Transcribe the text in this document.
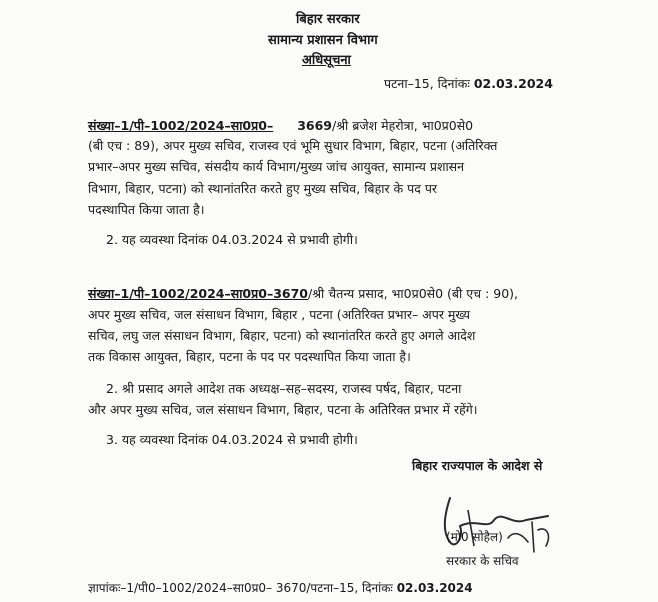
बिहार सरकार
सामान्य प्रशासन विभाग
अधिसूचना
पटना–15, दिनांकः 02.03.2024
संख्या–1/पी–1002/2024–सा0प्र0– 3669/श्री ब्रजेश मेहरोत्रा, भा0प्र0से0
(बी एच : 89), अपर मुख्य सचिव, राजस्व एवं भूमि सुधार विभाग, बिहार, पटना (अतिरिक्त
प्रभार–अपर मुख्य सचिव, संसदीय कार्य विभाग/मुख्य जांच आयुक्त, सामान्य प्रशासन
विभाग, बिहार, पटना) को स्थानांतरित करते हुए मुख्य सचिव, बिहार के पद पर
पदस्थापित किया जाता है।
2. यह व्यवस्था दिनांक 04.03.2024 से प्रभावी होगी।
संख्या–1/पी–1002/2024–सा0प्र0–3670/श्री चैतन्य प्रसाद, भा0प्र0से0 (बी एच : 90),
अपर मुख्य सचिव, जल संसाधन विभाग, बिहार , पटना (अतिरिक्त प्रभार– अपर मुख्य
सचिव, लघु जल संसाधन विभाग, बिहार, पटना) को स्थानांतरित करते हुए अगले आदेश
तक विकास आयुक्त, बिहार, पटना के पद पर पदस्थापित किया जाता है।
2. श्री प्रसाद अगले आदेश तक अध्यक्ष–सह–सदस्य, राजस्व पर्षद, बिहार, पटना
और अपर मुख्य सचिव, जल संसाधन विभाग, बिहार, पटना के अतिरिक्त प्रभार में रहेंगे।
3. यह व्यवस्था दिनांक 04.03.2024 से प्रभावी होगी।
बिहार राज्यपाल के आदेश से
(मो0 सोहैल)
सरकार के सचिव
ज्ञापांकः–1/पी0–1002/2024–सा0प्र0– 3670/पटना–15, दिनांकः 02.03.2024
